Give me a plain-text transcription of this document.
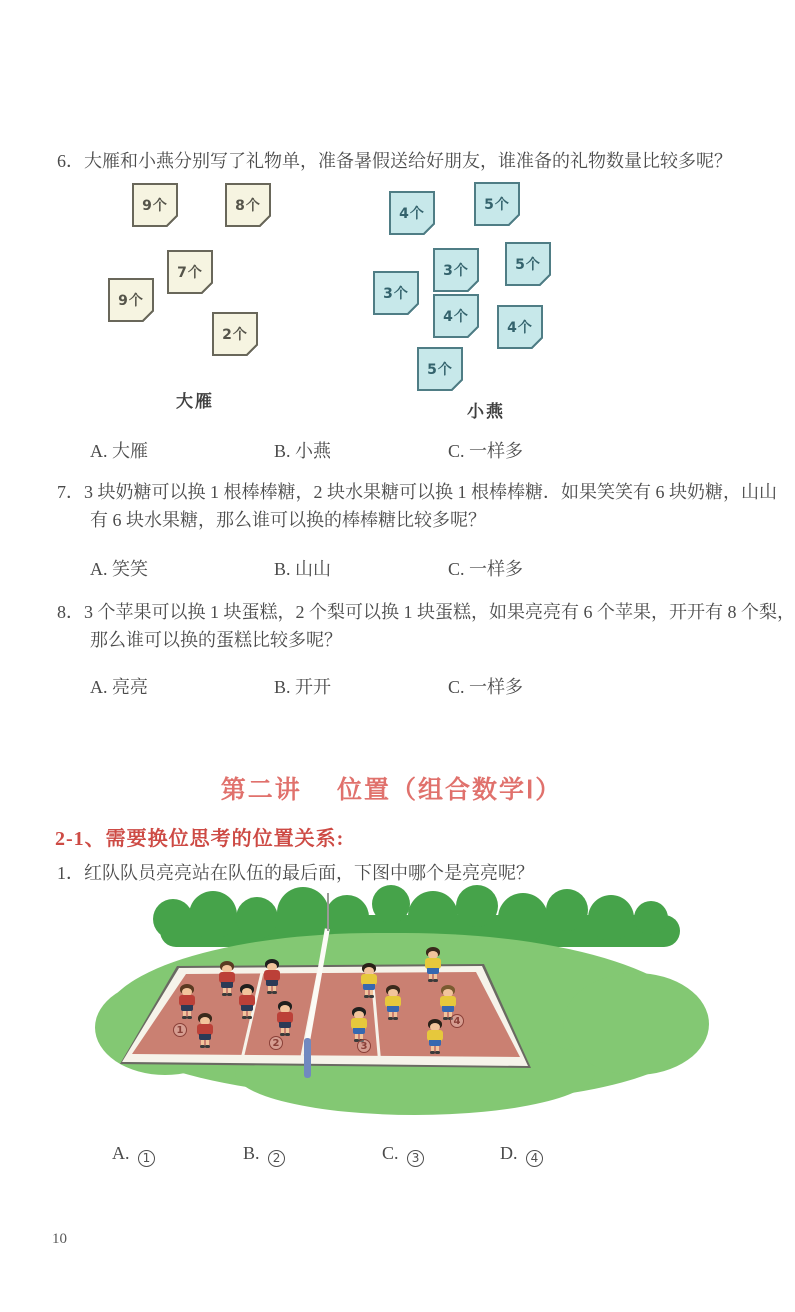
6．大雁和小燕分别写了礼物单，准备暑假送给好朋友，谁准备的礼物数量比较多呢？
9个	8个
7个
9个
2个
4个
5个
3个	5个
3个
4个
4个
5个
大雁
小燕
A. 大雁	B. 小燕	C. 一样多
7．3 块奶糖可以换 1 根棒棒糖，2 块水果糖可以换 1 根棒棒糖．如果笑笑有 6 块奶糖，山山
有 6 块水果糖，那么谁可以换的棒棒糖比较多呢？
A. 笑笑	B. 山山	C. 一样多
8．3 个苹果可以换 1 块蛋糕，2 个梨可以换 1 块蛋糕，如果亮亮有 6 个苹果，开开有 8 个梨，
那么谁可以换的蛋糕比较多呢？
A. 亮亮	B. 开开	C. 一样多
第二讲　 位置（组合数学Ⅰ）
2-1、需要换位思考的位置关系:
1．红队队员亮亮站在队伍的最后面，下图中哪个是亮亮呢？
1
2	3
4
A. 1	B. 2	C. 3	D. 4
10
